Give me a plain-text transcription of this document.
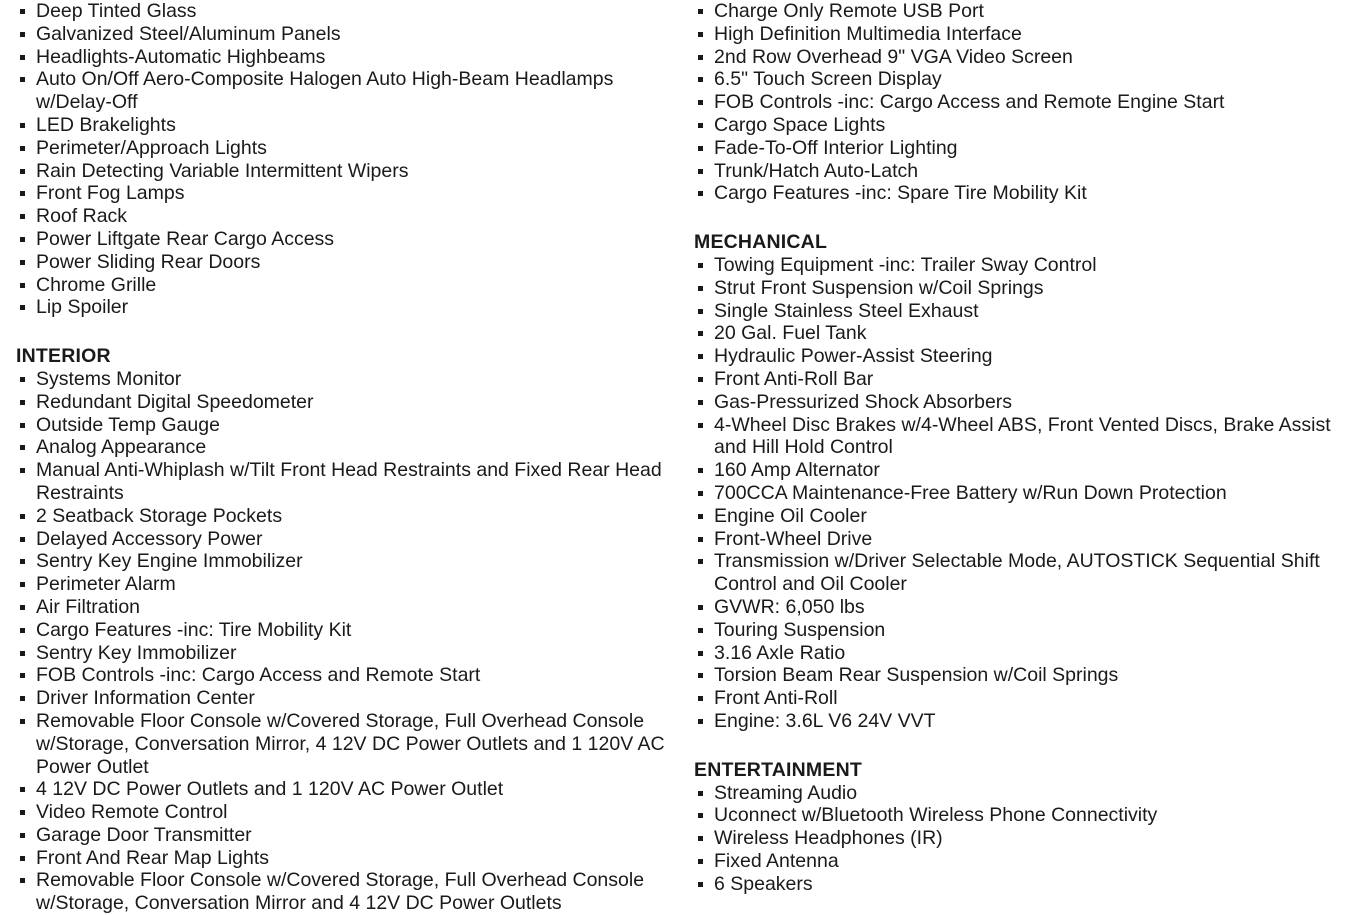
Deep Tinted Glass
Galvanized Steel/Aluminum Panels
Headlights-Automatic Highbeams
Auto On/Off Aero-Composite Halogen Auto High-Beam Headlamps w/Delay-Off
LED Brakelights
Perimeter/Approach Lights
Rain Detecting Variable Intermittent Wipers
Front Fog Lamps
Roof Rack
Power Liftgate Rear Cargo Access
Power Sliding Rear Doors
Chrome Grille
Lip Spoiler
INTERIOR
Systems Monitor
Redundant Digital Speedometer
Outside Temp Gauge
Analog Appearance
Manual Anti-Whiplash w/Tilt Front Head Restraints and Fixed Rear Head Restraints
2 Seatback Storage Pockets
Delayed Accessory Power
Sentry Key Engine Immobilizer
Perimeter Alarm
Air Filtration
Cargo Features -inc: Tire Mobility Kit
Sentry Key Immobilizer
FOB Controls -inc: Cargo Access and Remote Start
Driver Information Center
Removable Floor Console w/Covered Storage, Full Overhead Console w/Storage, Conversation Mirror, 4 12V DC Power Outlets and 1 120V AC Power Outlet
4 12V DC Power Outlets and 1 120V AC Power Outlet
Video Remote Control
Garage Door Transmitter
Front And Rear Map Lights
Removable Floor Console w/Covered Storage, Full Overhead Console w/Storage, Conversation Mirror and 4 12V DC Power Outlets
Charge Only Remote USB Port
High Definition Multimedia Interface
2nd Row Overhead 9" VGA Video Screen
6.5" Touch Screen Display
FOB Controls -inc: Cargo Access and Remote Engine Start
Cargo Space Lights
Fade-To-Off Interior Lighting
Trunk/Hatch Auto-Latch
Cargo Features -inc: Spare Tire Mobility Kit
MECHANICAL
Towing Equipment -inc: Trailer Sway Control
Strut Front Suspension w/Coil Springs
Single Stainless Steel Exhaust
20 Gal. Fuel Tank
Hydraulic Power-Assist Steering
Front Anti-Roll Bar
Gas-Pressurized Shock Absorbers
4-Wheel Disc Brakes w/4-Wheel ABS, Front Vented Discs, Brake Assist and Hill Hold Control
160 Amp Alternator
700CCA Maintenance-Free Battery w/Run Down Protection
Engine Oil Cooler
Front-Wheel Drive
Transmission w/Driver Selectable Mode, AUTOSTICK Sequential Shift Control and Oil Cooler
GVWR: 6,050 lbs
Touring Suspension
3.16 Axle Ratio
Torsion Beam Rear Suspension w/Coil Springs
Front Anti-Roll
Engine: 3.6L V6 24V VVT
ENTERTAINMENT
Streaming Audio
Uconnect w/Bluetooth Wireless Phone Connectivity
Wireless Headphones (IR)
Fixed Antenna
6 Speakers
